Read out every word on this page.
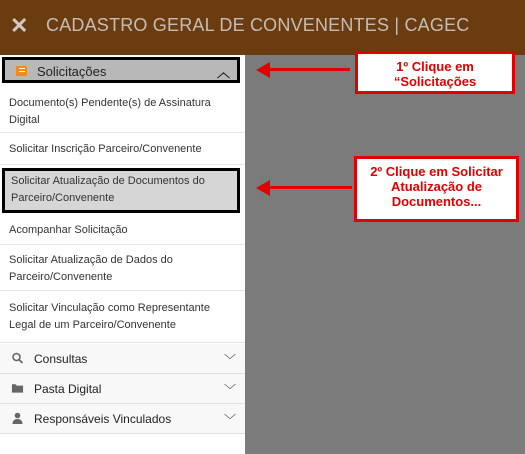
✕ CADASTRO GERAL DE CONVENENTES | CAGEC
Solicitações	︿
Documento(s) Pendente(s) de Assinatura
Digital
Solicitar Inscrição Parceiro/Convenente
Solicitar Atualização de Documentos do
Parceiro/Convenente
Acompanhar Solicitação
Solicitar Atualização de Dados do
Parceiro/Convenente
Solicitar Vinculação como Representante
Legal de um Parceiro/Convenente
Consultas	﹀
Pasta Digital	﹀
Responsáveis Vinculados	﹀
1º Clique em
“Solicitações
2º Clique em Solicitar
Atualização de
Documentos...
